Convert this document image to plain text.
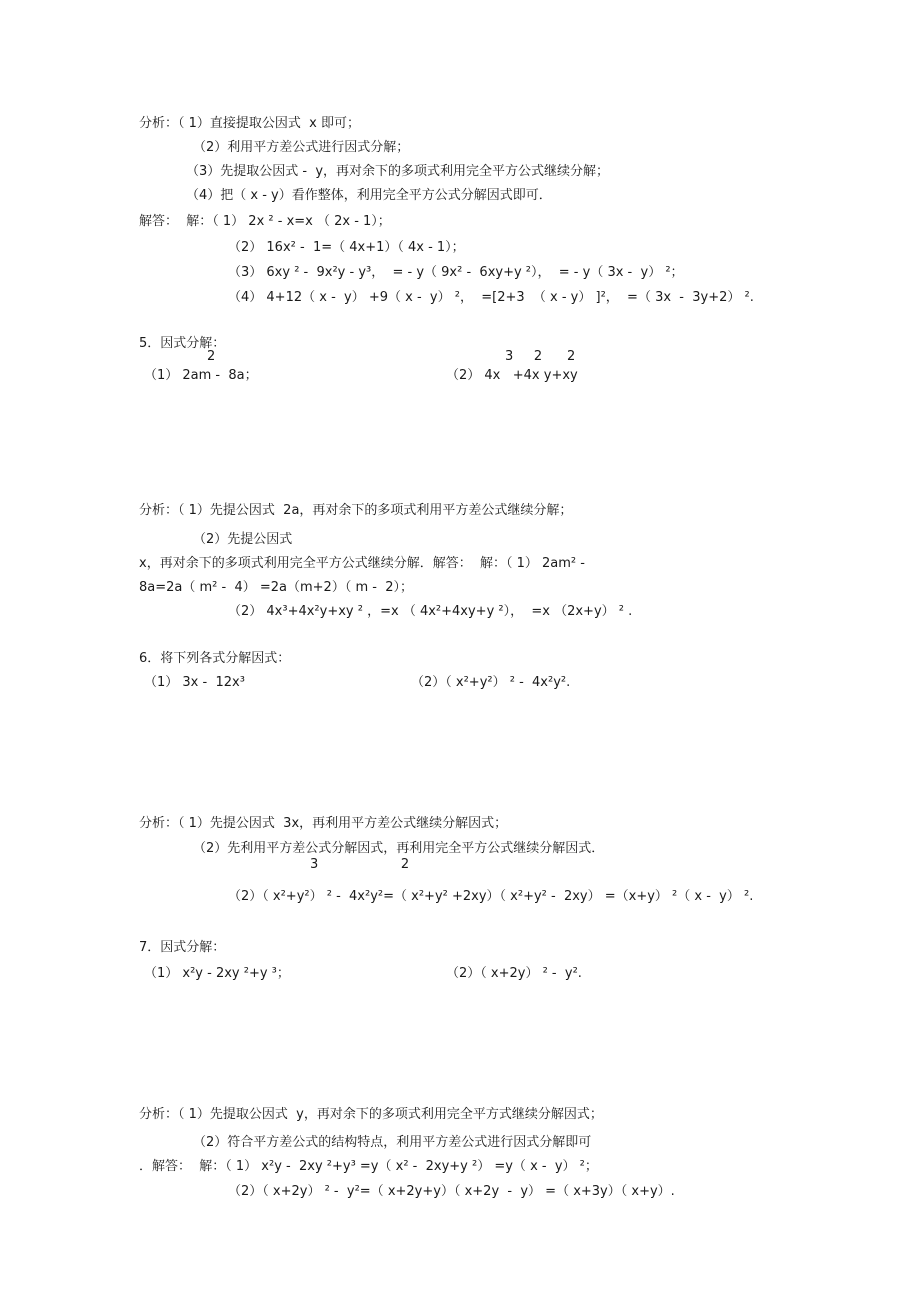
分析：（ 1）直接提取公因式  x 即可；
（2）利用平方差公式进行因式分解；
（3）先提取公因式 -  y，再对余下的多项式利用完全平方公式继续分解；
（4）把（ x - y）看作整体，利用完全平方公式分解因式即可．
解答：  解：（ 1） 2x ² - x=x （ 2x - 1）；
（2） 16x² -  1=（ 4x+1）（ 4x - 1）；
（3） 6xy ² -  9x²y - y³，  = - y（ 9x² -  6xy+y ²），  = - y（ 3x -  y） ²；
（4） 4+12（ x -  y） +9（ x -  y） ²，  =[2+3  （ x - y） ]²，  =（ 3x  -  3y+2） ².
5．因式分解：
2	3     2      2
（1） 2am -  8a；	（2） 4x   +4x y+xy
分析：（ 1）先提公因式  2a，再对余下的多项式利用平方差公式继续分解；
（2）先提公因式
x，再对余下的多项式利用完全平方公式继续分解．解答：  解：（ 1） 2am² -
8a=2a（ m² -  4） =2a（m+2）（ m -  2）；
（2） 4x³+4x²y+xy ² ，=x （ 4x²+4xy+y ²），  =x （2x+y） ² .
6．将下列各式分解因式：
（1） 3x -  12x³	（2）（ x²+y²） ² -  4x²y².
分析：（ 1）先提公因式  3x，再利用平方差公式继续分解因式；
（2）先利用平方差公式分解因式，再利用完全平方公式继续分解因式．
3                    2
（2）（ x²+y²） ² -  4x²y²=（ x²+y² +2xy）（ x²+y² -  2xy） =（x+y） ²（ x -  y） ².
7．因式分解：
（1） x²y - 2xy ²+y ³；	（2）（ x+2y） ² -  y².
分析：（ 1）先提取公因式  y，再对余下的多项式利用完全平方式继续分解因式；
（2）符合平方差公式的结构特点，利用平方差公式进行因式分解即可
．解答：  解：（ 1） x²y -  2xy ²+y³ =y（ x² -  2xy+y ²） =y（ x -  y） ²；
（2）（ x+2y） ² -  y²=（ x+2y+y）（ x+2y  -  y） =（ x+3y）（ x+y）.
